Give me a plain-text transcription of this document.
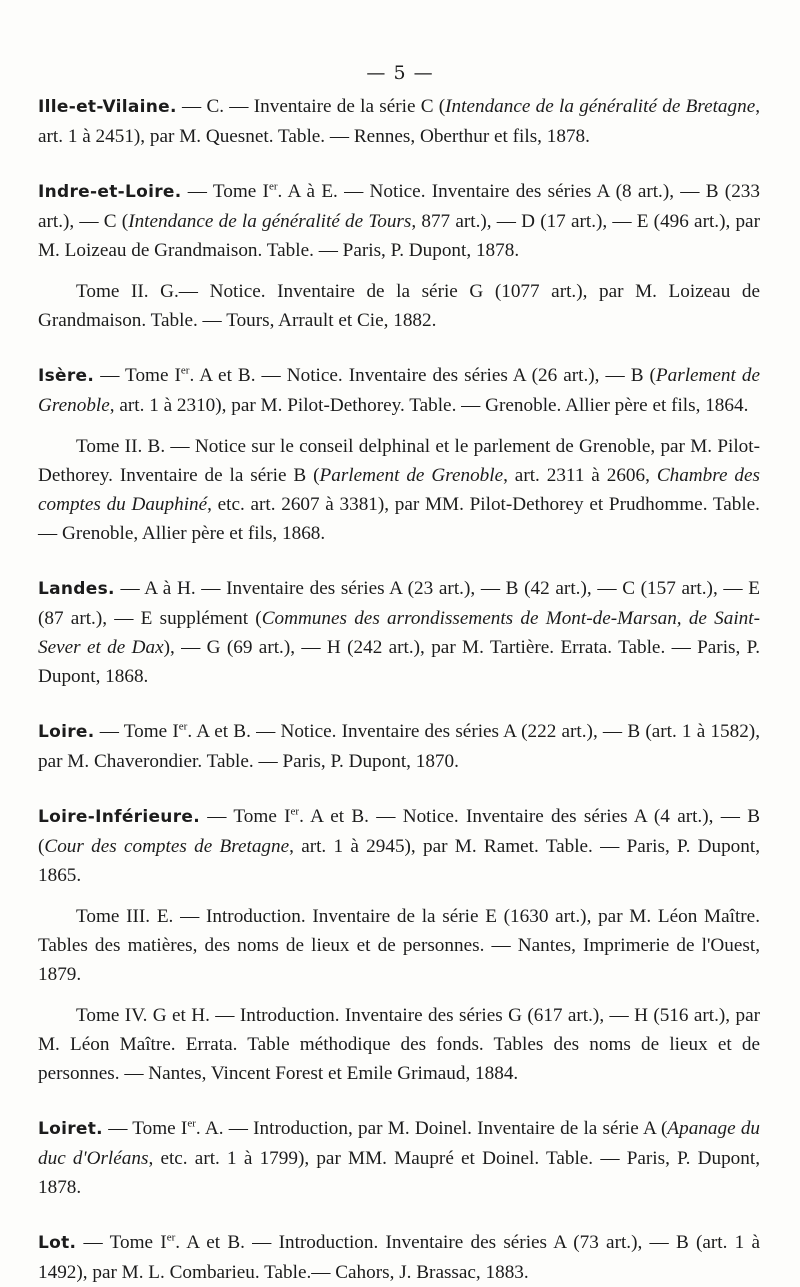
— 5 —

Ille-et-Vilaine. — C. — Inventaire de la série C (Intendance de la généralité de Bretagne, art. 1 à 2451), par M. Quesnet. Table. — Rennes, Oberthur et fils, 1878.

Indre-et-Loire. — Tome Ier. A à E. — Notice. Inventaire des séries A (8 art.), — B (233 art.), — C (Intendance de la généralité de Tours, 877 art.), — D (17 art.), — E (496 art.), par M. Loizeau de Grandmaison. Table. — Paris, P. Dupont, 1878.

Tome II. G.— Notice. Inventaire de la série G (1077 art.), par M. Loizeau de Grandmaison. Table. — Tours, Arrault et Cie, 1882.

Isère. — Tome Ier. A et B. — Notice. Inventaire des séries A (26 art.), — B (Parlement de Grenoble, art. 1 à 2310), par M. Pilot-Dethorey. Table. — Grenoble. Allier père et fils, 1864.

Tome II. B. — Notice sur le conseil delphinal et le parlement de Grenoble, par M. Pilot-Dethorey. Inventaire de la série B (Parlement de Grenoble, art. 2311 à 2606, Chambre des comptes du Dauphiné, etc. art. 2607 à 3381), par MM. Pilot-Dethorey et Prudhomme. Table. — Grenoble, Allier père et fils, 1868.

Landes. — A à H. — Inventaire des séries A (23 art.), — B (42 art.), — C (157 art.), — E (87 art.), — E supplément (Communes des arrondissements de Mont-de-Marsan, de Saint-Sever et de Dax), — G (69 art.), — H (242 art.), par M. Tartière. Errata. Table. — Paris, P. Dupont, 1868.

Loire. — Tome Ier. A et B. — Notice. Inventaire des séries A (222 art.), — B (art. 1 à 1582), par M. Chaverondier. Table. — Paris, P. Dupont, 1870.

Loire-Inférieure. — Tome Ier. A et B. — Notice. Inventaire des séries A (4 art.), — B (Cour des comptes de Bretagne, art. 1 à 2945), par M. Ramet. Table. — Paris, P. Dupont, 1865.

Tome III. E. — Introduction. Inventaire de la série E (1630 art.), par M. Léon Maître. Tables des matières, des noms de lieux et de personnes. — Nantes, Imprimerie de l'Ouest, 1879.

Tome IV. G et H. — Introduction. Inventaire des séries G (617 art.), — H (516 art.), par M. Léon Maître. Errata. Table méthodique des fonds. Tables des noms de lieux et de personnes. — Nantes, Vincent Forest et Emile Grimaud, 1884.

Loiret. — Tome Ier. A. — Introduction, par M. Doinel. Inventaire de la série A (Apanage du duc d'Orléans, etc. art. 1 à 1799), par MM. Maupré et Doinel. Table. — Paris, P. Dupont, 1878.

Lot. — Tome Ier. A et B. — Introduction. Inventaire des séries A (73 art.), — B (art. 1 à 1492), par M. L. Combarieu. Table.— Cahors, J. Brassac, 1883.
